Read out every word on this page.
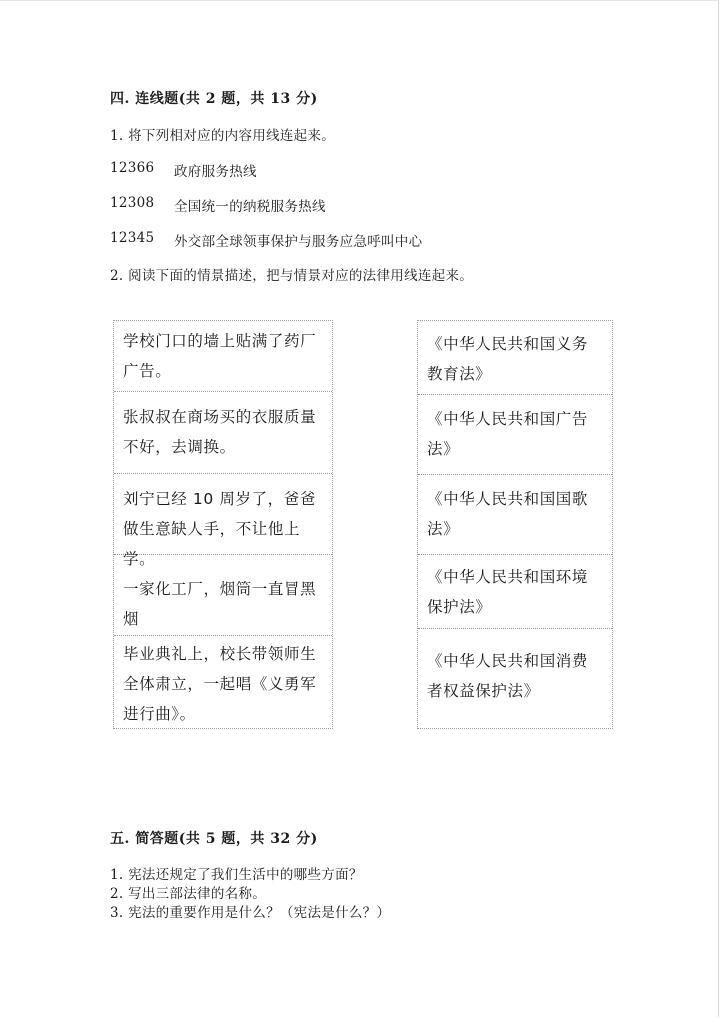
四. 连线题(共 2 题，共 13 分)
1. 将下列相对应的内容用线连起来。
12366	政府服务热线
12308	全国统一的纳税服务热线
12345	外交部全球领事保护与服务应急呼叫中心
2. 阅读下面的情景描述，把与情景对应的法律用线连起来。
学校门口的墙上贴满了药厂广告。
张叔叔在商场买的衣服质量不好，去调换。
刘宁已经 10 周岁了，爸爸做生意缺人手，不让他上学。
一家化工厂，烟筒一直冒黑烟
毕业典礼上，校长带领师生全体肃立，一起唱《义勇军进行曲》。
《中华人民共和国义务教育法》
《中华人民共和国广告法》
《中华人民共和国国歌法》
《中华人民共和国环境保护法》
《中华人民共和国消费者权益保护法》
五. 简答题(共 5 题，共 32 分)
1. 宪法还规定了我们生活中的哪些方面？
2. 写出三部法律的名称。
3. 宪法的重要作用是什么？（宪法是什么？）
